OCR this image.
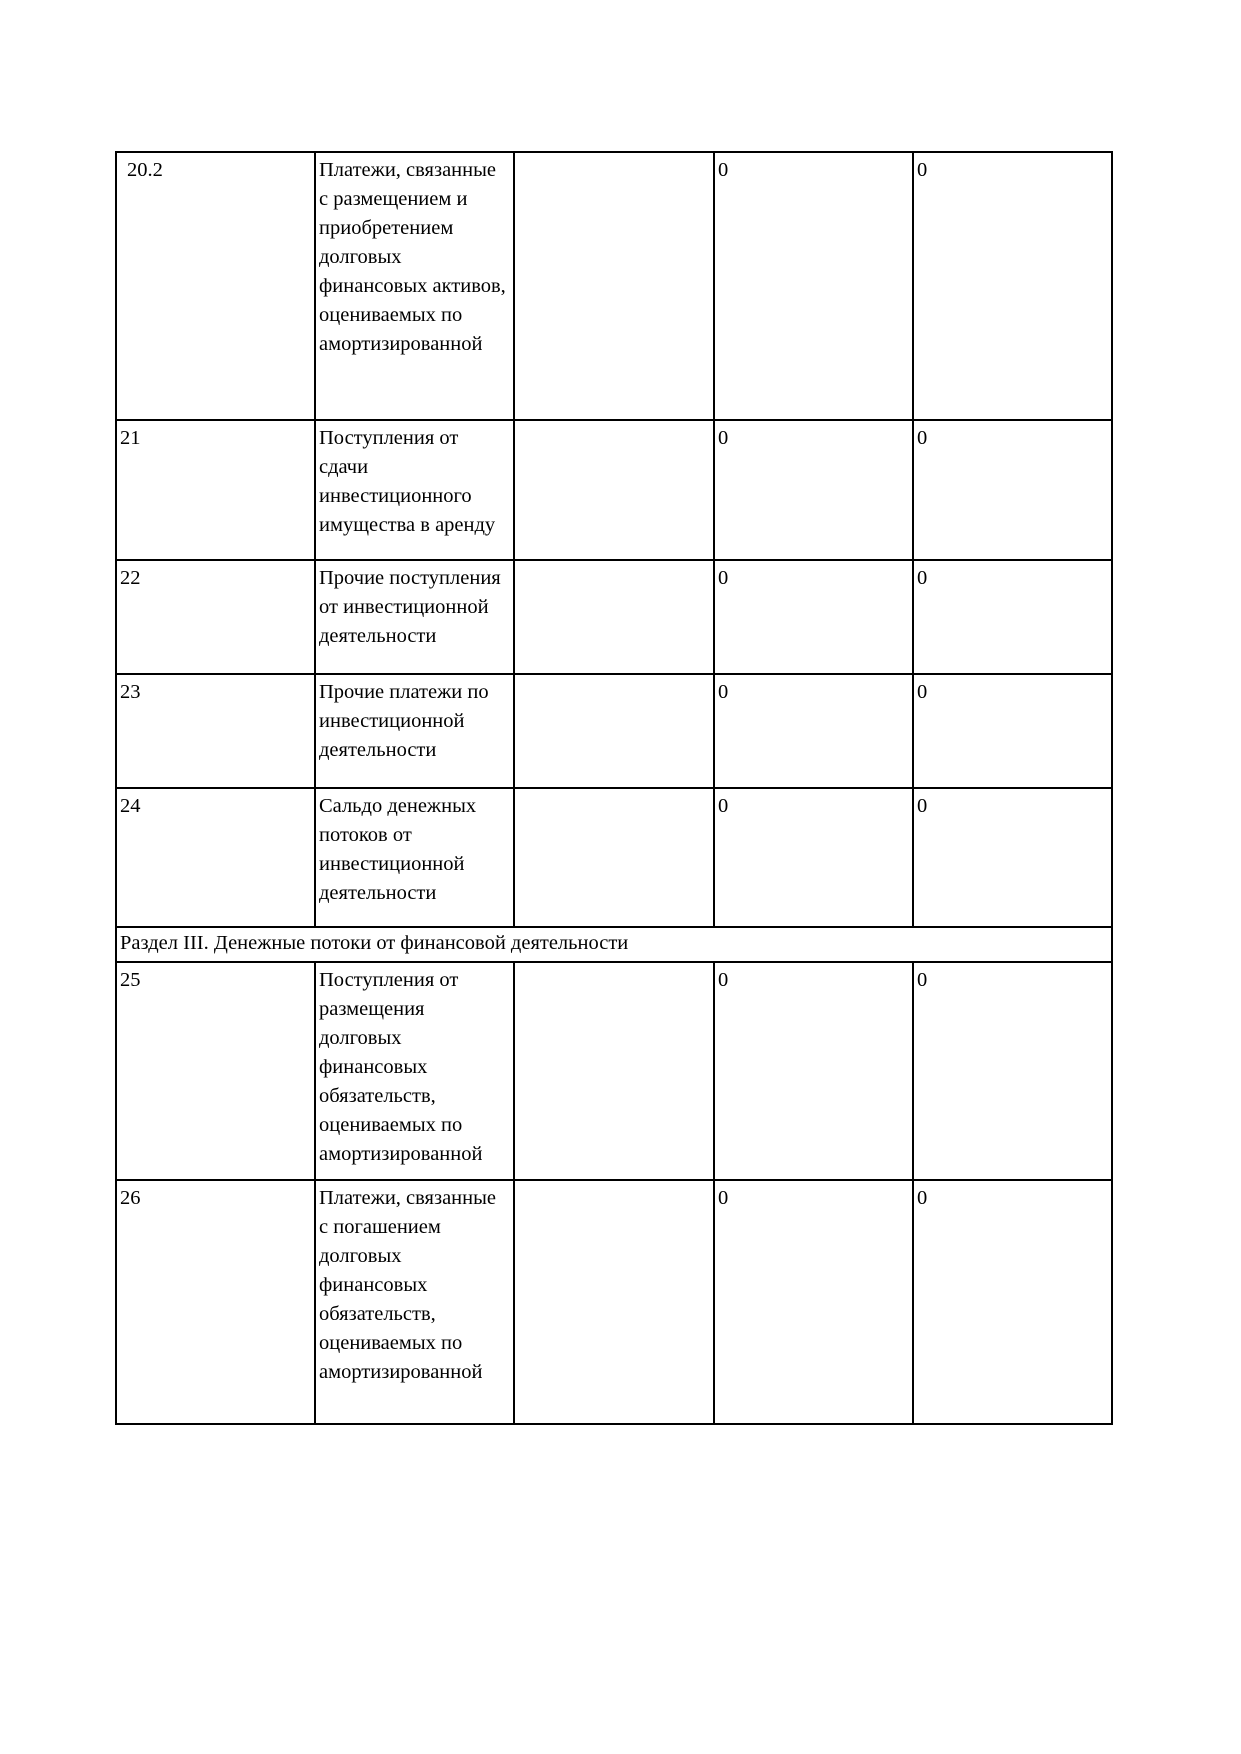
20.2	Платежи, связанные с размещением и приобретением долговых финансовых активов, оцениваемых по амортизированной		0	0
21	Поступления от сдачи инвестиционного имущества в аренду		0	0
22	Прочие поступления от инвестиционной деятельности		0	0
23	Прочие платежи по инвестиционной деятельности		0	0
24	Сальдо денежных потоков от инвестиционной деятельности		0	0
Раздел III. Денежные потоки от финансовой деятельности				
25	Поступления от размещения долговых финансовых обязательств, оцениваемых по амортизированной		0	0
26	Платежи, связанные с погашением долговых финансовых обязательств, оцениваемых по амортизированной		0	0
